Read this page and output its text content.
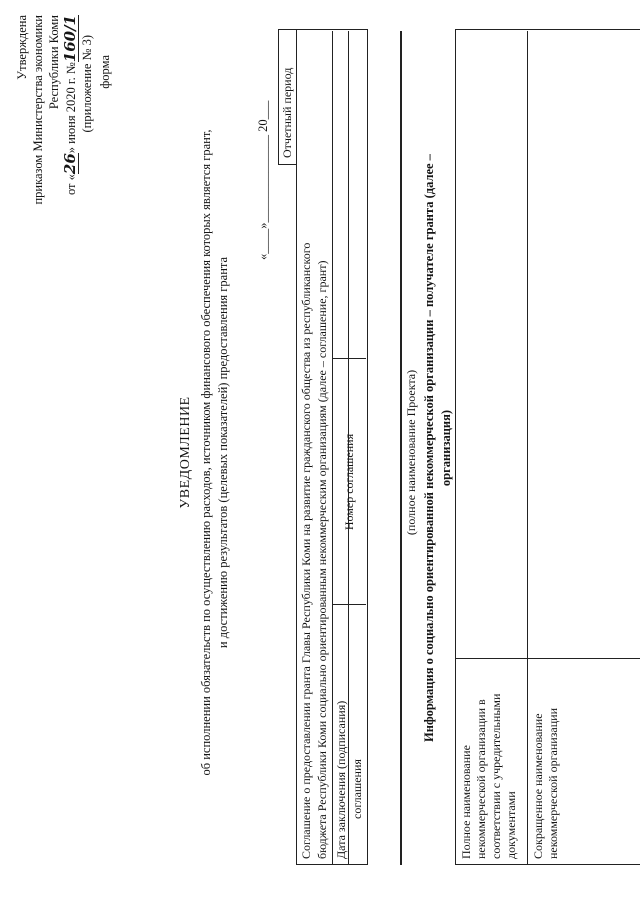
Утверждена приказом Министерства экономики Республики Коми
от «26» июня 2020 г. №160/1 (приложение № 3) форма
УВЕДОМЛЕНИЕ об исполнении обязательств по осуществлению расходов, источником финансового обеспечения которых является грант, и достижению результатов (целевых показателей) предоставления гранта
«____»______________ 20___ Отчетный период
Соглашение о предоставлении гранта Главы Республики Коми на развитие гражданского общества из республиканского бюджета Республики Коми социально ориентированным некоммерческим организациям (далее – соглашение, грант) Дата заключения (подписания) соглашения
Номер соглашения	(полное наименование Проекта) Информация о социально ориентированной некоммерческой организации – получателе гранта (далее – организация)
Полное наименование некоммерческой организации в соответствии с учредительными документами Сокращенное наименование некоммерческой организации
